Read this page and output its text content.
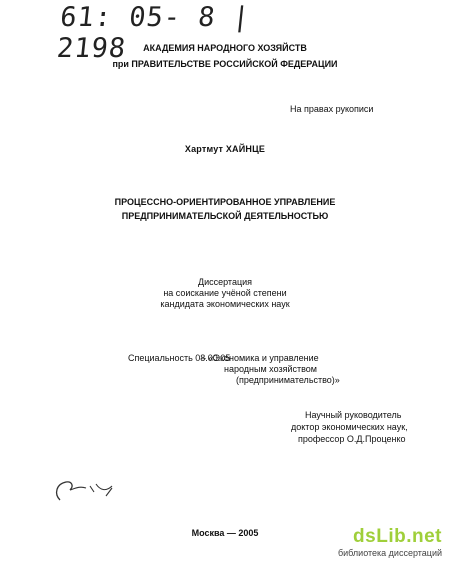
61: 05- 8 | 2198	АКАДЕМИЯ НАРОДНОГО ХОЗЯЙСТВ
при ПРАВИТЕЛЬСТВЕ РОССИЙСКОЙ ФЕДЕРАЦИИ
На правах рукописи
Хартмут ХАЙНЦЕ
ПРОЦЕССНО-ОРИЕНТИРОВАННОЕ УПРАВЛЕНИЕ
ПРЕДПРИНИМАТЕЛЬСКОЙ ДЕЯТЕЛЬНОСТЬЮ
Диссертация
на соискание учёной степени
кандидата экономических наук
Специальность 08.00.05
– «Экономика и управление
народным хозяйством
(предпринимательство)»
Научный руководитель
доктор экономических наук,
профессор О.Д.Проценко
Москва — 2005	dsLib.net
библиотека диссертаций
